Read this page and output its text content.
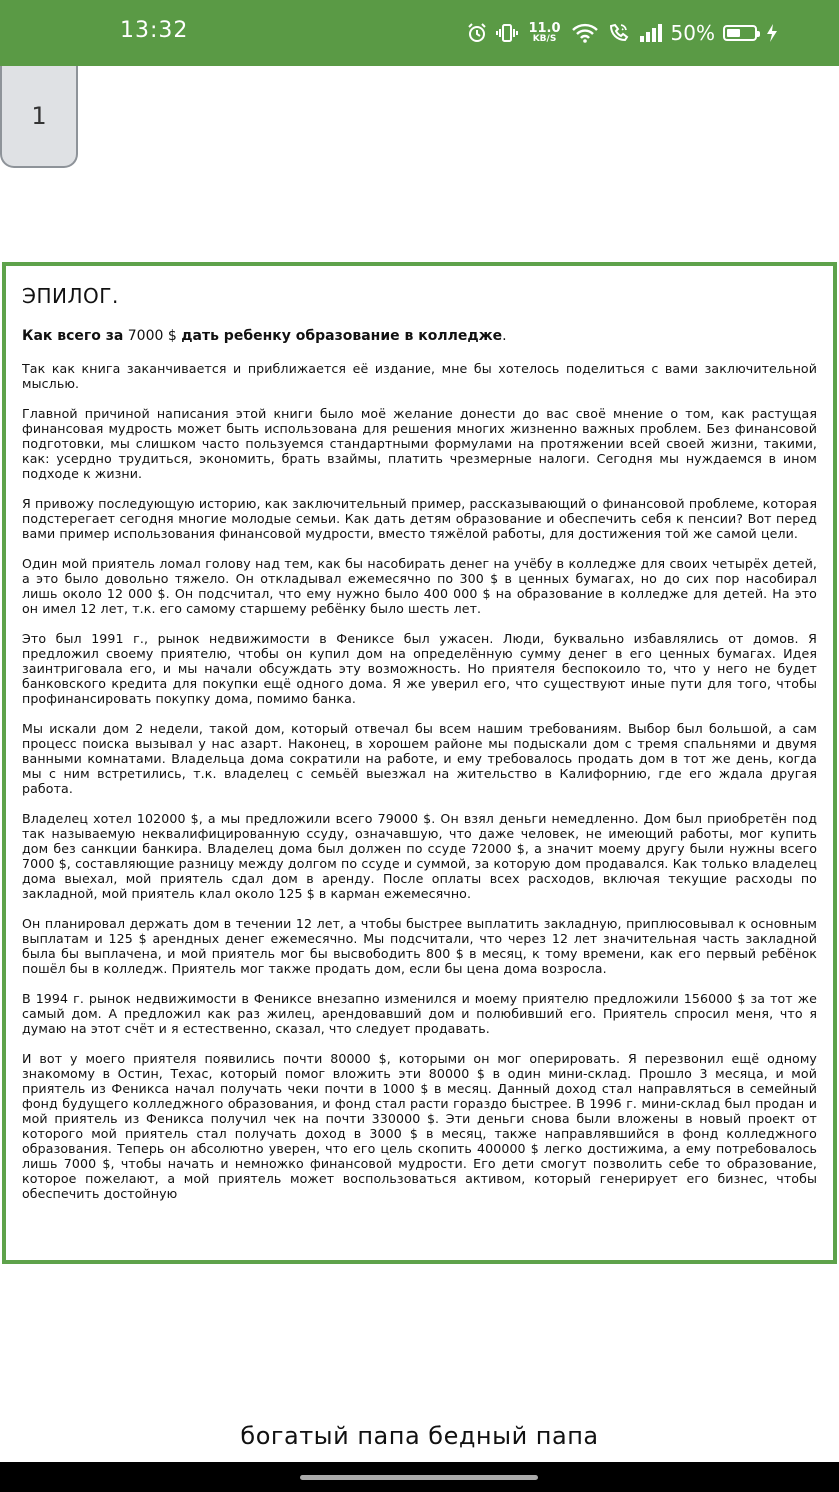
13:32	11.0
KB/S	50%
1
ЭПИЛОГ.
Как всего за 7000 $ дать ребенку образование в колледже.

Так как книга заканчивается и приближается её издание, мне бы хотелось поделиться с вами заключительной мыслью.

Главной причиной написания этой книги было моё желание донести до вас своё мнение о том, как растущая финансовая мудрость может быть использована для решения многих жизненно важных проблем. Без финансовой подготовки, мы слишком часто пользуемся стандартными формулами на протяжении всей своей жизни, такими, как: усердно трудиться, экономить, брать взаймы, платить чрезмерные налоги. Сегодня мы нуждаемся в ином подходе к жизни.

Я привожу последующую историю, как заключительный пример, рассказывающий о финансовой проблеме, которая подстерегает сегодня многие молодые семьи. Как дать детям образование и обеспечить себя к пенсии? Вот перед вами пример использования финансовой мудрости, вместо тяжёлой работы, для достижения той же самой цели.

Один мой приятель ломал голову над тем, как бы насобирать денег на учёбу в колледже для своих четырёх детей, а это было довольно тяжело. Он откладывал ежемесячно по 300 $ в ценных бумагах, но до сих пор насобирал лишь около 12 000 $. Он подсчитал, что ему нужно было 400 000 $ на образование в колледже для детей. На это он имел 12 лет, т.к. его самому старшему ребёнку было шесть лет.

Это был 1991 г., рынок недвижимости в Фениксе был ужасен. Люди, буквально избавлялись от домов. Я предложил своему приятелю, чтобы он купил дом на определённую сумму денег в его ценных бумагах. Идея заинтриговала его, и мы начали обсуждать эту возможность. Но приятеля беспокоило то, что у него не будет банковского кредита для покупки ещё одного дома. Я же уверил его, что существуют иные пути для того, чтобы профинансировать покупку дома, помимо банка.

Мы искали дом 2 недели, такой дом, который отвечал бы всем нашим требованиям. Выбор был большой, а сам процесс поиска вызывал у нас азарт. Наконец, в хорошем районе мы подыскали дом с тремя спальнями и двумя ванными комнатами. Владельца дома сократили на работе, и ему требовалось продать дом в тот же день, когда мы с ним встретились, т.к. владелец с семьёй выезжал на жительство в Калифорнию, где его ждала другая работа.

Владелец хотел 102000 $, а мы предложили всего 79000 $. Он взял деньги немедленно. Дом был приобретён под так называемую неквалифицированную ссуду, означавшую, что даже человек, не имеющий работы, мог купить дом без санкции банкира. Владелец дома был должен по ссуде 72000 $, а значит моему другу были нужны всего 7000 $, составляющие разницу между долгом по ссуде и суммой, за которую дом продавался. Как только владелец дома выехал, мой приятель сдал дом в аренду. После оплаты всех расходов, включая текущие расходы по закладной, мой приятель клал около 125 $ в карман ежемесячно.

Он планировал держать дом в течении 12 лет, а чтобы быстрее выплатить закладную, приплюсовывал к основным выплатам и 125 $ арендных денег ежемесячно. Мы подсчитали, что через 12 лет значительная часть закладной была бы выплачена, и мой приятель мог бы высвободить 800 $ в месяц, к тому времени, как его первый ребёнок пошёл бы в колледж. Приятель мог также продать дом, если бы цена дома возросла.

В 1994 г. рынок недвижимости в Фениксе внезапно изменился и моему приятелю предложили 156000 $ за тот же самый дом. А предложил как раз жилец, арендовавший дом и полюбивший его. Приятель спросил меня, что я думаю на этот счёт и я естественно, сказал, что следует продавать.

И вот у моего приятеля появились почти 80000 $, которыми он мог оперировать. Я перезвонил ещё одному знакомому в Остин, Техас, который помог вложить эти 80000 $ в один мини-склад. Прошло 3 месяца, и мой приятель из Феникса начал получать чеки почти в 1000 $ в месяц. Данный доход стал направляться в семейный фонд будущего колледжного образования, и фонд стал расти гораздо быстрее. В 1996 г. мини-склад был продан и мой приятель из Феникса получил чек на почти 330000 $. Эти деньги снова были вложены в новый проект от которого мой приятель стал получать доход в 3000 $ в месяц, также направлявшийся в фонд колледжного образования. Теперь он абсолютно уверен, что его цель скопить 400000 $ легко достижима, а ему потребовалось лишь 7000 $, чтобы начать и немножко финансовой мудрости. Его дети смогут позволить себе то образование, которое пожелают, а мой приятель может воспользоваться активом, который генерирует его бизнес, чтобы обеспечить достойную

богатый папа бедный папа
